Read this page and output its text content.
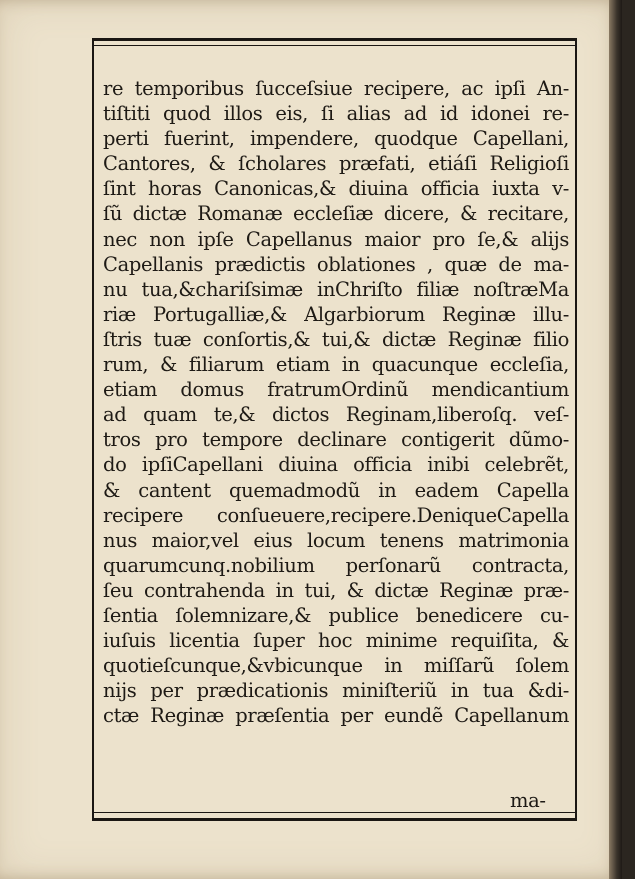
re temporibus ſucceſsiue recipere, ac ipſi An-
tiſtiti quod illos eis, ſi alias ad id idonei re-
perti fuerint, impendere, quodque Capellani,
Cantores, & ſcholares præfati, etiáſi Religioſi
ſint horas Canonicas,& diuina officia iuxta v-
ſũ dictæ Romanæ eccleſiæ dicere, & recitare,
nec non ipſe Capellanus maior pro ſe,& alijs
Capellanis prædictis oblationes , quæ de ma-
nu tua,&chariſsimæ inChriſto filiæ noſtræMa
riæ Portugalliæ,& Algarbiorum Reginæ illu-
ſtris tuæ conſortis,& tui,& dictæ Reginæ filio
rum, & filiarum etiam in quacunque eccleſia,
etiam domus fratrumOrdinũ mendicantium
ad quam te,& dictos Reginam,liberoſq. veſ-
tros pro tempore declinare contigerit dũmo-
do ipſiCapellani diuina officia inibi celebrẽt,
& cantent quemadmodũ in eadem Capella
recipere conſueuere,recipere.DeniqueCapella
nus maior,vel eius locum tenens matrimonia
quarumcunq.nobilium perſonarũ contracta,
ſeu contrahenda in tui, & dictæ Reginæ præ-
ſentia ſolemnizare,& publice benedicere cu-
iuſuis licentia ſuper hoc minime requiſita, &
quotieſcunque,&vbicunque in miſſarũ ſolem
nijs per prædicationis miniſteriũ in tua &di-
ctæ Reginæ præſentia per eundẽ Capellanum
ma-
